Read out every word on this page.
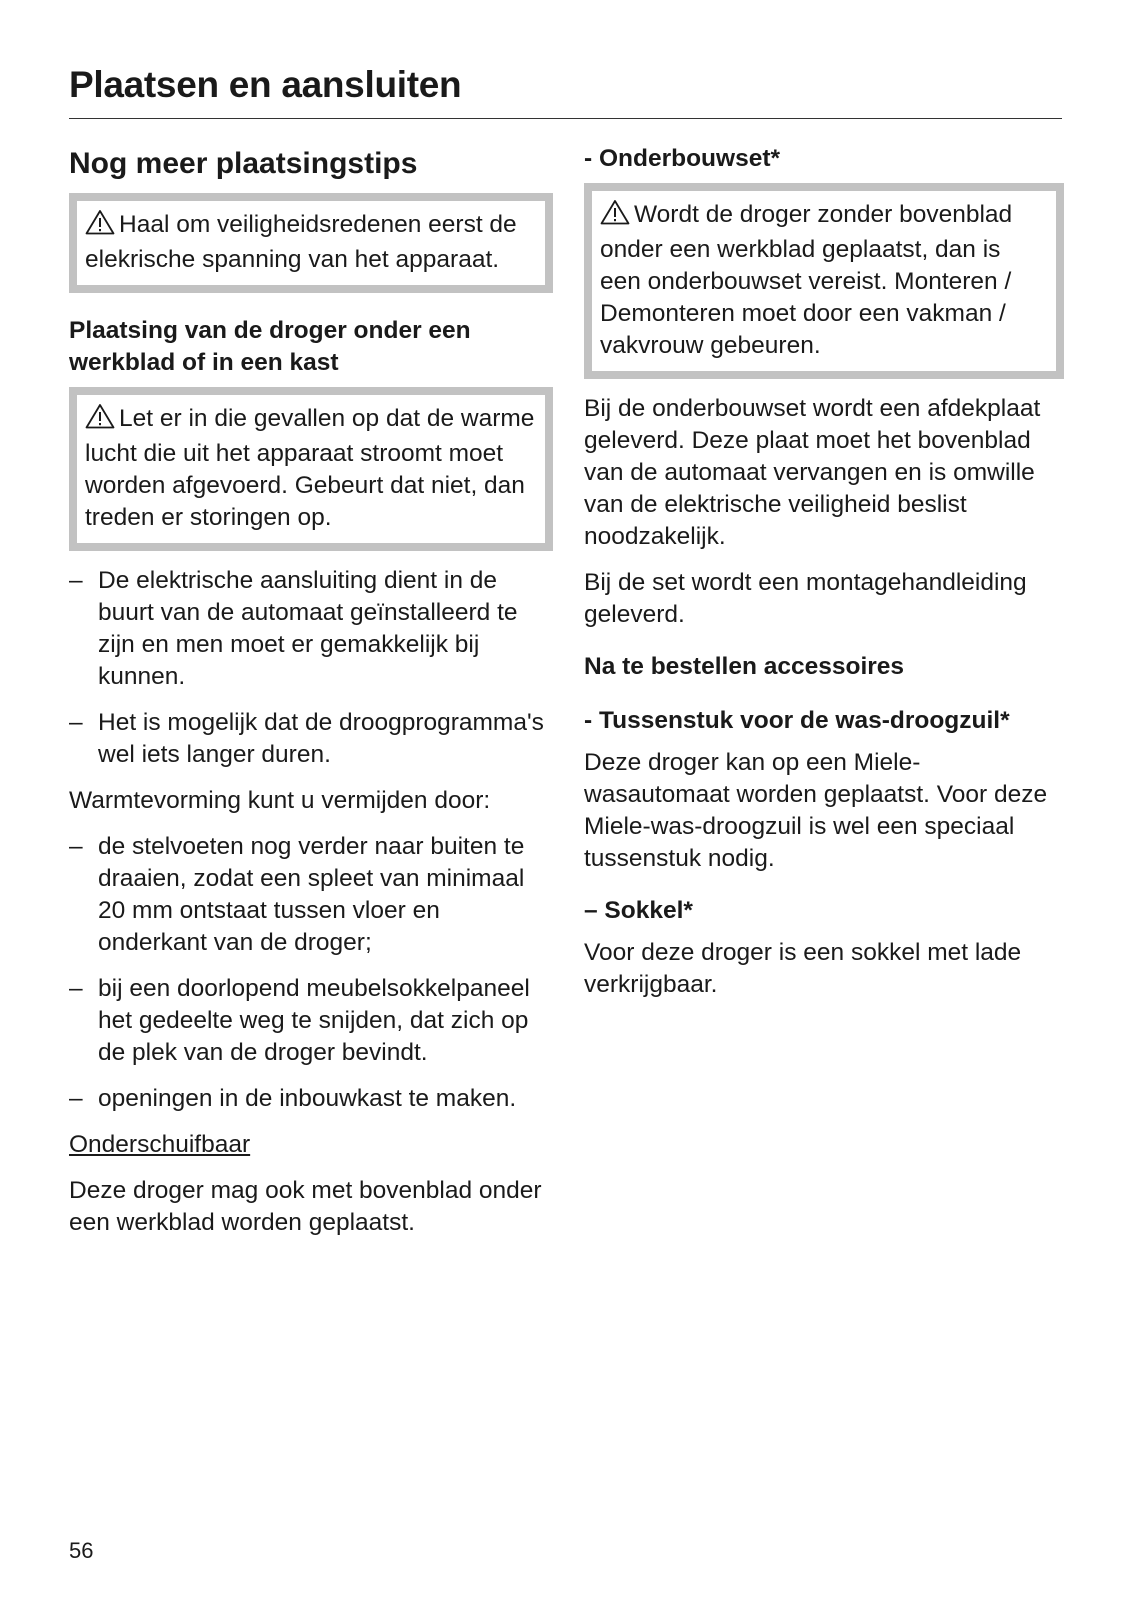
Plaatsen en aansluiten
Nog meer plaatsingstips

Haal om veiligheidsredenen eerst de elekrische spanning van het apparaat.

Plaatsing van de droger onder een werkblad of in een kast

Let er in die gevallen op dat de warme lucht die uit het apparaat stroomt moet worden afgevoerd. Gebeurt dat niet, dan treden er storingen op.

– De elektrische aansluiting dient in de buurt van de automaat geïnstalleerd te zijn en men moet er gemakkelijk bij kunnen.
– Het is mogelijk dat de droogprogramma's wel iets langer duren.

Warmtevorming kunt u vermijden door:

– de stelvoeten nog verder naar buiten te draaien, zodat een spleet van minimaal 20 mm ontstaat tussen vloer en onderkant van de droger;
– bij een doorlopend meubelsokkelpaneel het gedeelte weg te snijden, dat zich op de plek van de droger bevindt.
– openingen in de inbouwkast te maken.

Onderschuifbaar

Deze droger mag ook met bovenblad onder een werkblad worden geplaatst.

- Onderbouwset*

Wordt de droger zonder bovenblad onder een werkblad geplaatst, dan is een onderbouwset vereist. Monteren / Demonteren moet door een vakman / vakvrouw gebeuren.

Bij de onderbouwset wordt een afdekplaat geleverd. Deze plaat moet het bovenblad van de automaat vervangen en is omwille van de elektrische veiligheid beslist noodzakelijk.

Bij de set wordt een montagehandleiding geleverd.

Na te bestellen accessoires

- Tussenstuk voor de was-droogzuil*

Deze droger kan op een Miele-wasautomaat worden geplaatst. Voor deze Miele-was-droogzuil is wel een speciaal tussenstuk nodig.

– Sokkel*

Voor deze droger is een sokkel met lade verkrijgbaar.

56
